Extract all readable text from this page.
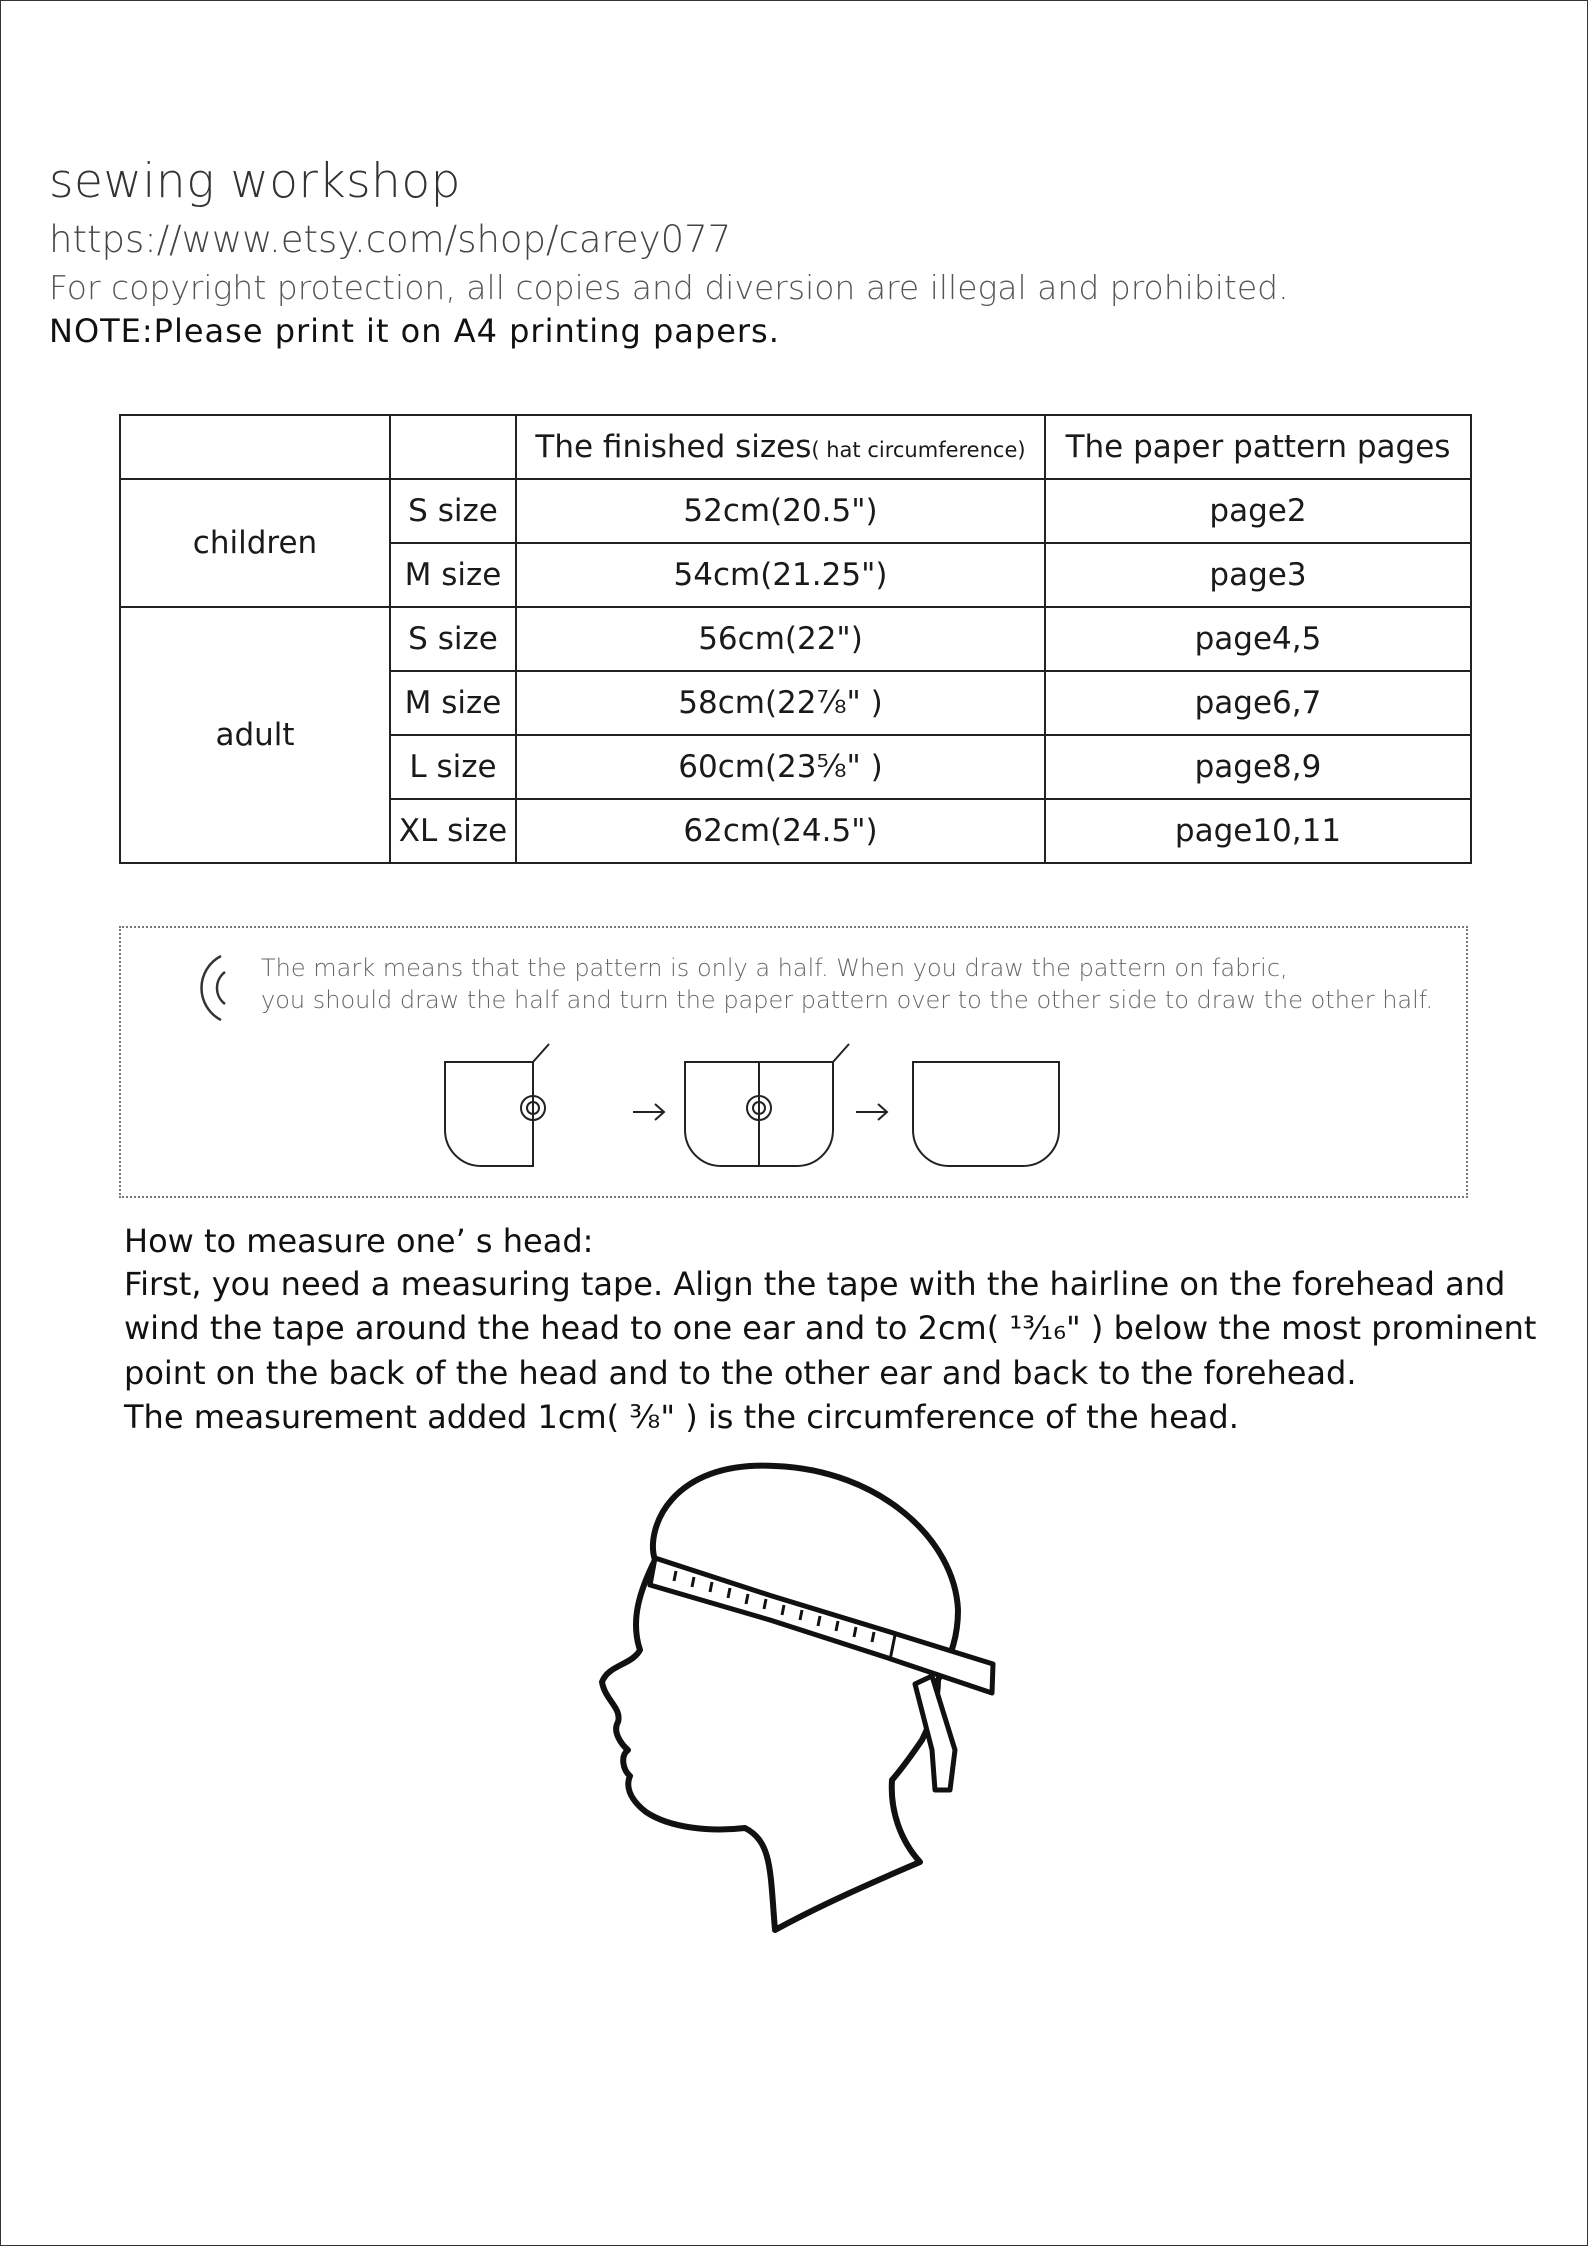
sewing workshop
https://www.etsy.com/shop/carey077
For copyright protection, all copies and diversion are illegal and prohibited.
NOTE:Please print it on A4 printing papers.
		The finished sizes( hat circumference)	The paper pattern pages
children	S size	52cm(20.5")	page2
	M size	54cm(21.25")	page3
adult	S size	56cm(22")	page4,5
	M size	58cm(22⅞" )	page6,7
	L size	60cm(23⅝" )	page8,9
	XL size	62cm(24.5")	page10,11
The mark means that the pattern is only a half. When you draw the pattern on fabric,
you should draw the half and turn the paper pattern over to the other side to draw the other half.
How to measure one’ s head:
First, you need a measuring tape. Align the tape with the hairline on the forehead and
wind the tape around the head to one ear and to 2cm( ¹³⁄₁₆" ) below the most prominent
point on the back of the head and to the other ear and back to the forehead.
The measurement added 1cm( ⅜" ) is the circumference of the head.
